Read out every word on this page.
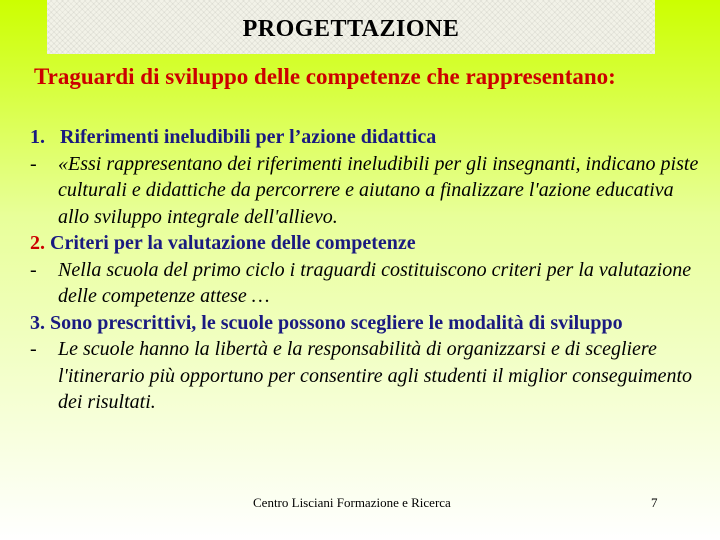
PROGETTAZIONE
Traguardi di sviluppo delle competenze che rappresentano:
1. Riferimenti ineludibili per l’azione didattica
-	«Essi rappresentano dei riferimenti ineludibili per gli insegnanti, indicano piste culturali e didattiche da percorrere e aiutano a finalizzare l'azione educativa allo sviluppo integrale dell'allievo.
2. Criteri per la valutazione delle competenze
-	Nella scuola del primo ciclo i traguardi costituiscono criteri per la valutazione delle competenze attese …
3. Sono prescrittivi, le scuole possono scegliere le modalità di sviluppo
-	Le scuole hanno la libertà e la responsabilità di organizzarsi e di scegliere l'itinerario più opportuno per consentire agli studenti il miglior conseguimento dei risultati.
Centro Lisciani Formazione e Ricerca	7
